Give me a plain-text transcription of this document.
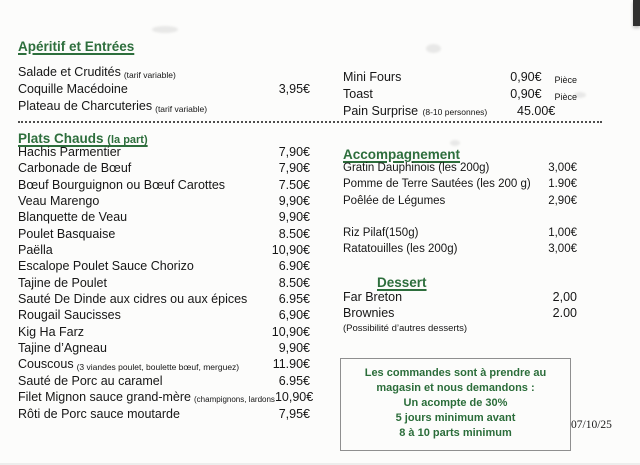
Apéritif et Entrées
Salade et Crudités (tarif variable)
Coquille Macédoine	3,95€
Plateau de Charcuteries (tarif variable)
Mini Fours	0,90€	Pièce
Toast	0,90€	Pièce
Pain Surprise (8-10 personnes)	45.00€
Plats Chauds (la part)
Hachis Parmentier	7,90€
Carbonade de Bœuf	7,90€
Bœuf Bourguignon ou Bœuf Carottes	7.50€
Veau Marengo	9,90€
Blanquette de Veau	9,90€
Poulet Basquaise	8.50€
Paëlla	10,90€
Escalope Poulet Sauce Chorizo	6.90€
Tajine de Poulet	8.50€
Sauté De Dinde aux cidres ou aux épices	6.95€
Rougail Saucisses	6,90€
Kig Ha Farz	10,90€
Tajine d’Agneau	9,90€
Couscous (3 viandes poulet, boulette bœuf, merguez)	11.90€
Sauté de Porc au caramel	6.95€
Filet Mignon sauce grand-mère (champignons, lardons 10,90€
Rôti de Porc sauce moutarde	7,95€
Accompagnement
Gratin Dauphinois (les 200g)	3,00€
Pomme de Terre Sautées (les 200 g)	1.90€
Poêlée de Légumes	2,90€
Riz Pilaf(150g)	1,00€
Ratatouilles (les 200g)	3,00€
Dessert
Far Breton	2,00
Brownies	2.00
(Possibilité d’autres desserts)
Les commandes sont à prendre au
magasin et nous demandons :
Un acompte de 30%
5 jours minimum avant
8 à 10 parts minimum
07/10/25
